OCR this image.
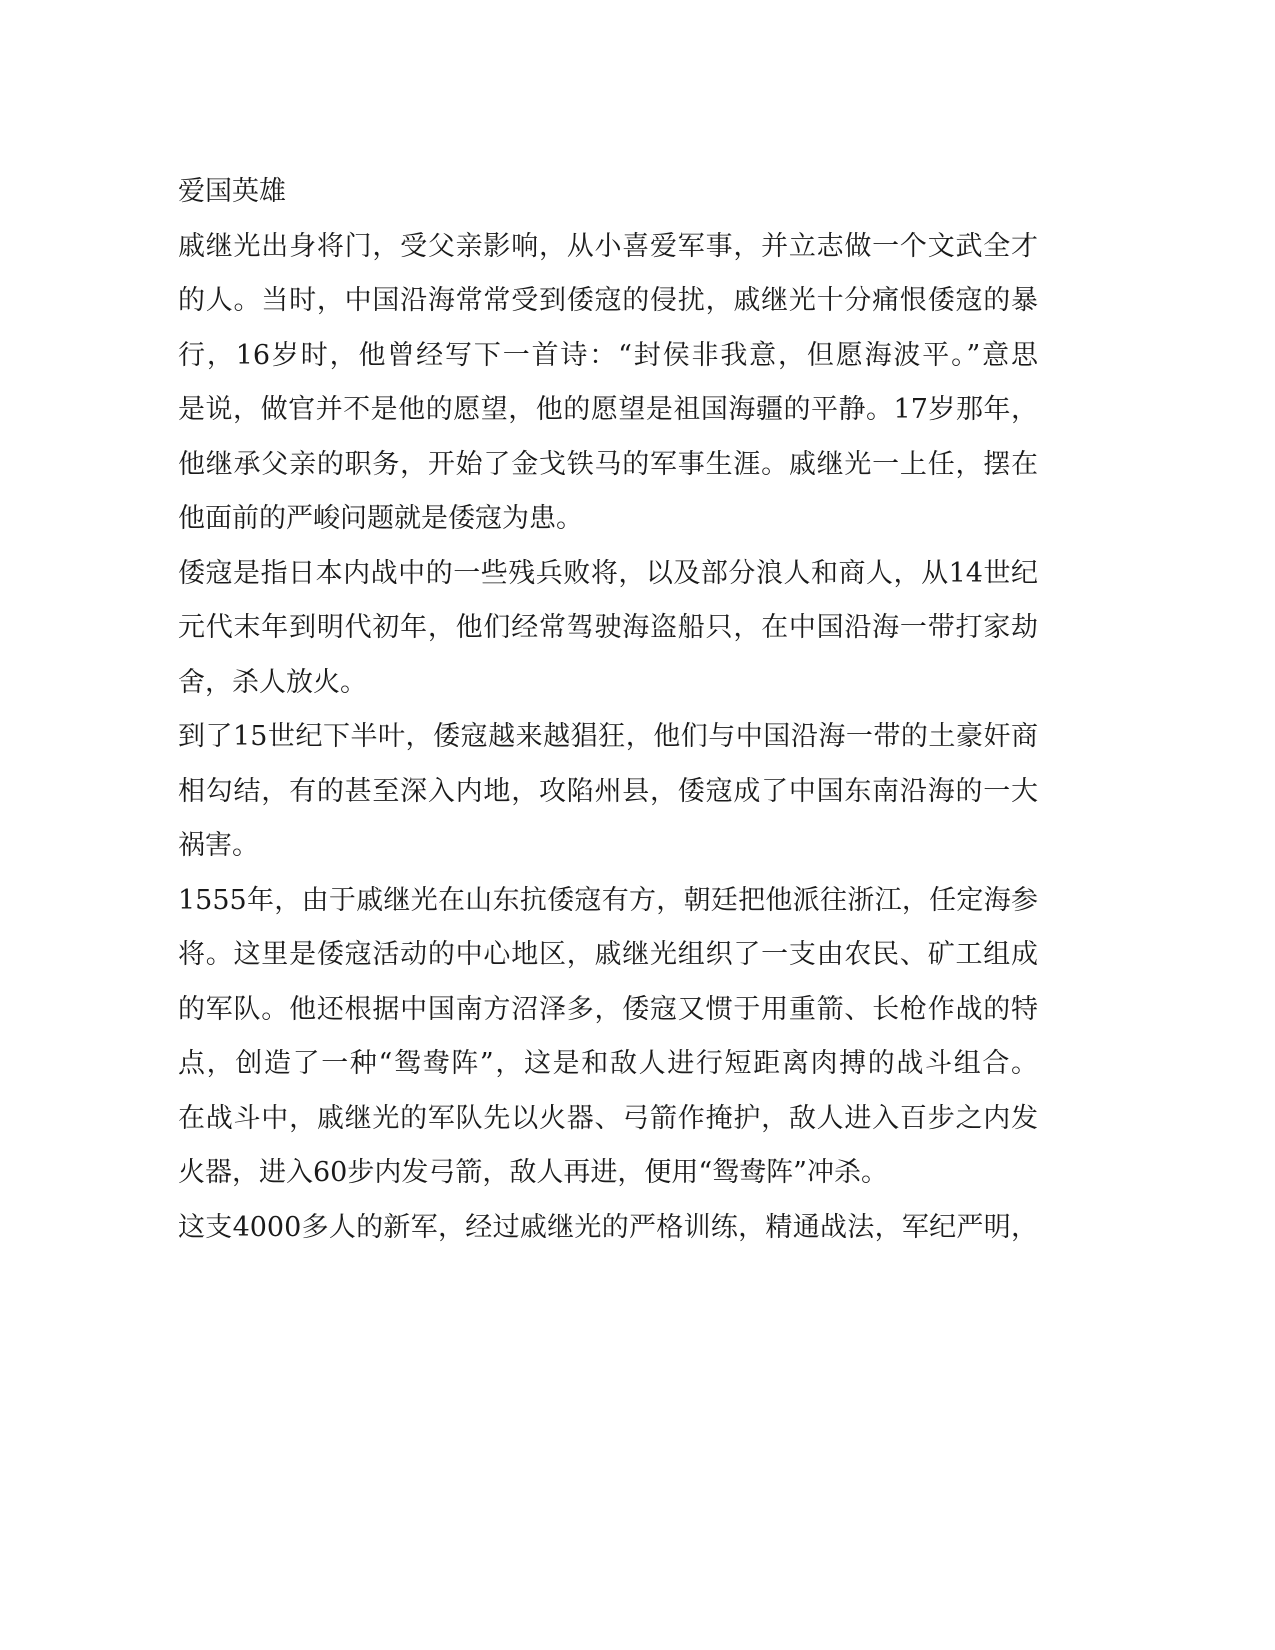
爱国英雄
戚继光出身将门，受父亲影响，从小喜爱军事，并立志做一个文武全才
的人。当时，中国沿海常常受到倭寇的侵扰，戚继光十分痛恨倭寇的暴
行，16岁时，他曾经写下一首诗：“封侯非我意，但愿海波平。”意思
是说，做官并不是他的愿望，他的愿望是祖国海疆的平静。17岁那年，
他继承父亲的职务，开始了金戈铁马的军事生涯。戚继光一上任，摆在
他面前的严峻问题就是倭寇为患。
倭寇是指日本内战中的一些残兵败将，以及部分浪人和商人，从14世纪
元代末年到明代初年，他们经常驾驶海盗船只，在中国沿海一带打家劫
舍，杀人放火。
到了15世纪下半叶，倭寇越来越猖狂，他们与中国沿海一带的土豪奸商
相勾结，有的甚至深入内地，攻陷州县，倭寇成了中国东南沿海的一大
祸害。
1555年，由于戚继光在山东抗倭寇有方，朝廷把他派往浙江，任定海参
将。这里是倭寇活动的中心地区，戚继光组织了一支由农民、矿工组成
的军队。他还根据中国南方沼泽多，倭寇又惯于用重箭、长枪作战的特
点，创造了一种“鸳鸯阵”，这是和敌人进行短距离肉搏的战斗组合。
在战斗中，戚继光的军队先以火器、弓箭作掩护，敌人进入百步之内发
火器，进入60步内发弓箭，敌人再进，便用“鸳鸯阵”冲杀。
这支4000多人的新军，经过戚继光的严格训练，精通战法，军纪严明，
